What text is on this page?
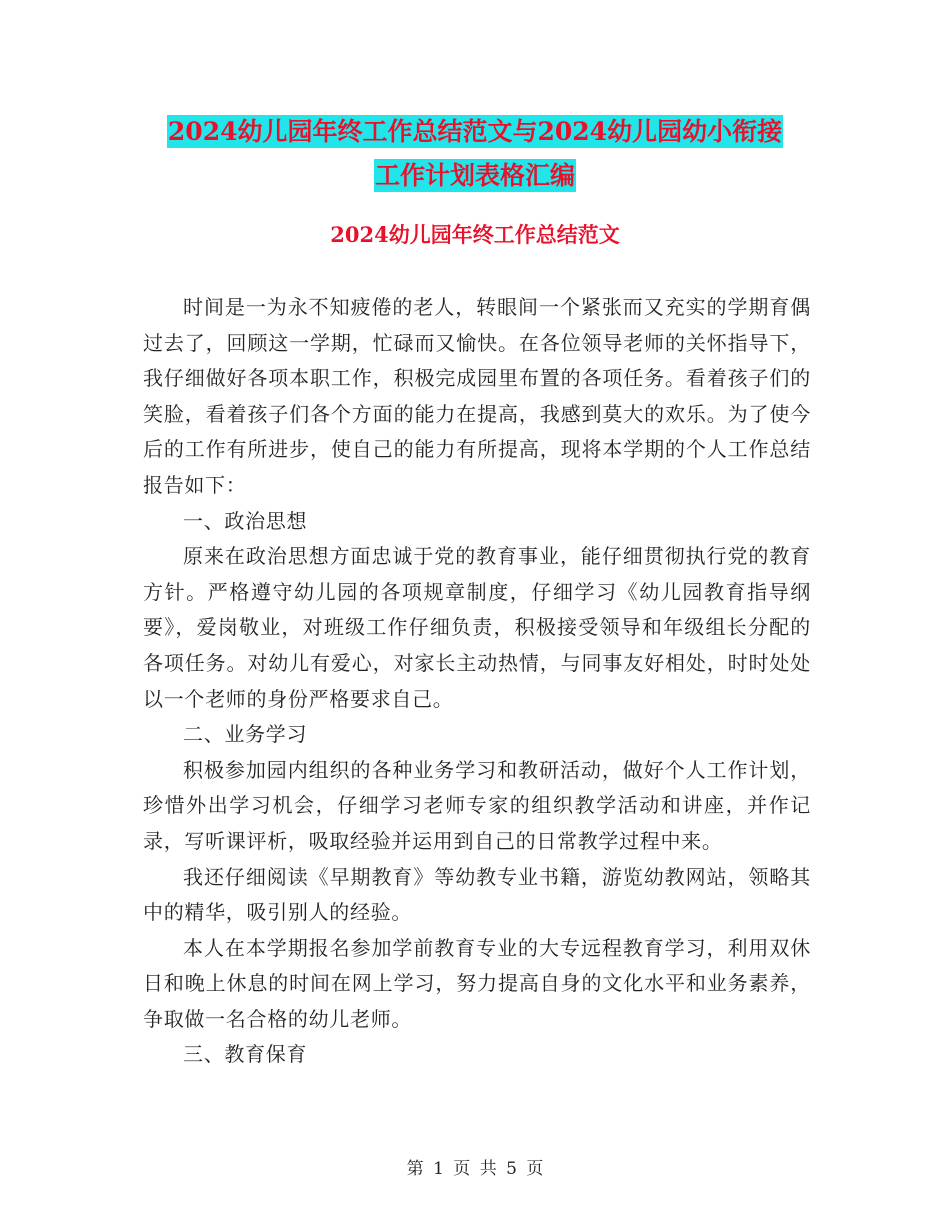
2024幼儿园年终工作总结范文与2024幼儿园幼小衔接
工作计划表格汇编
2024幼儿园年终工作总结范文

时间是一为永不知疲倦的老人，转眼间一个紧张而又充实的学期育偶过去了，回顾这一学期，忙碌而又愉快。在各位领导老师的关怀指导下，我仔细做好各项本职工作，积极完成园里布置的各项任务。看着孩子们的笑脸，看着孩子们各个方面的能力在提高，我感到莫大的欢乐。为了使今后的工作有所进步，使自己的能力有所提高，现将本学期的个人工作总结报告如下：

一、政治思想

原来在政治思想方面忠诚于党的教育事业，能仔细贯彻执行党的教育方针。严格遵守幼儿园的各项规章制度，仔细学习《幼儿园教育指导纲要》，爱岗敬业，对班级工作仔细负责，积极接受领导和年级组长分配的各项任务。对幼儿有爱心，对家长主动热情，与同事友好相处，时时处处以一个老师的身份严格要求自己。

二、业务学习

积极参加园内组织的各种业务学习和教研活动，做好个人工作计划，珍惜外出学习机会，仔细学习老师专家的组织教学活动和讲座，并作记录，写听课评析，吸取经验并运用到自己的日常教学过程中来。

我还仔细阅读《早期教育》等幼教专业书籍，游览幼教网站，领略其中的精华，吸引别人的经验。

本人在本学期报名参加学前教育专业的大专远程教育学习，利用双休日和晚上休息的时间在网上学习，努力提高自身的文化水平和业务素养，争取做一名合格的幼儿老师。

三、教育保育

第 1 页 共 5 页
